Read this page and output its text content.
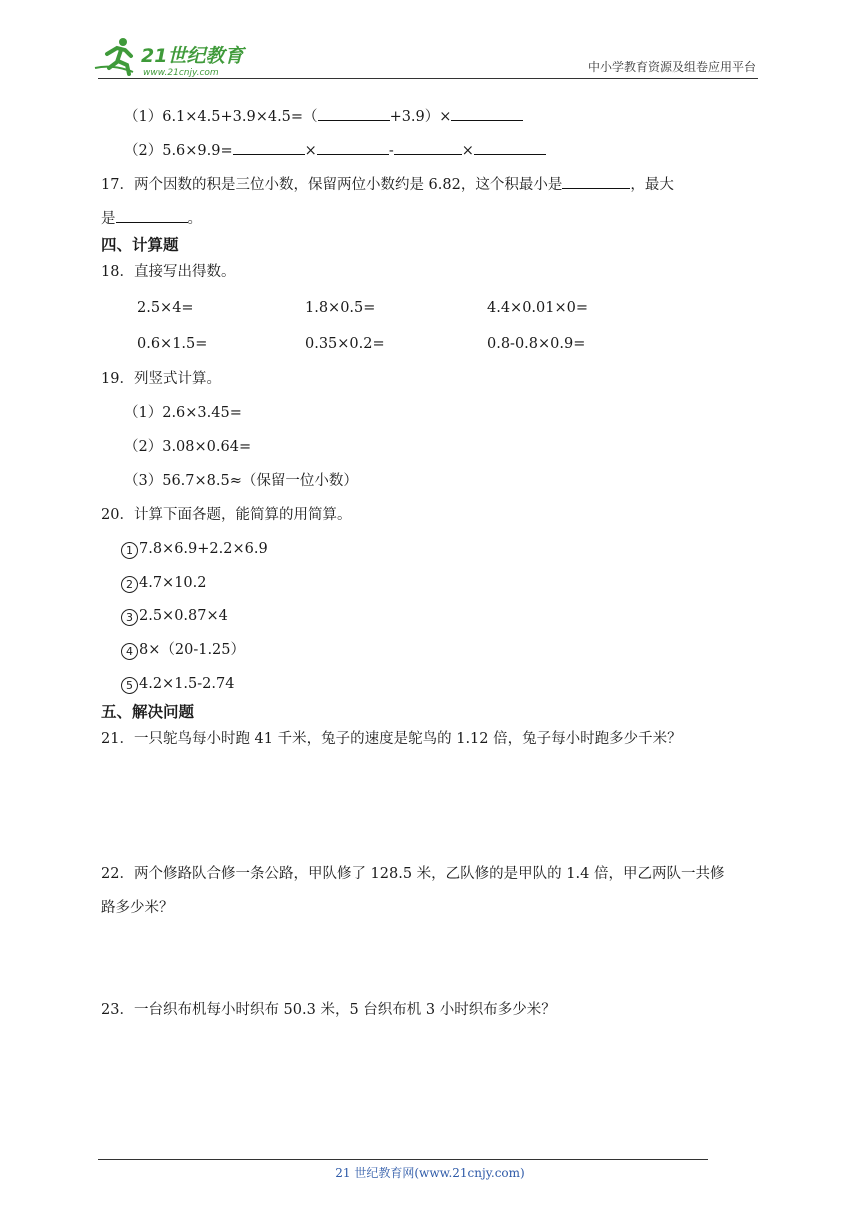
21世纪教育
www.21cnjy.com	中小学教育资源及组卷应用平台
（1）6.1×4.5+3.9×4.5=（	+3.9）×
（2）5.6×9.9=	×	-	×
17．两个因数的积是三位小数，保留两位小数约是 6.82，这个积最小是	，最大
是	。
四、计算题
18．直接写出得数。
2.5×4=	1.8×0.5=	4.4×0.01×0=
0.6×1.5=	0.35×0.2=	0.8-0.8×0.9=
19．列竖式计算。
（1）2.6×3.45=
（2）3.08×0.64=
（3）56.7×8.5≈（保留一位小数）
20．计算下面各题，能简算的用简算。
1 7.8×6.9+2.2×6.9
2 4.7×10.2
3 2.5×0.87×4
4 8×（20-1.25）
5 4.2×1.5-2.74
五、解决问题
21．一只鸵鸟每小时跑 41 千米，兔子的速度是鸵鸟的 1.12 倍，兔子每小时跑多少千米？
22．两个修路队合修一条公路，甲队修了 128.5 米，乙队修的是甲队的 1.4 倍，甲乙两队一共修
路多少米？
23．一台织布机每小时织布 50.3 米，5 台织布机 3 小时织布多少米？
21 世纪教育网(www.21cnjy.com)
